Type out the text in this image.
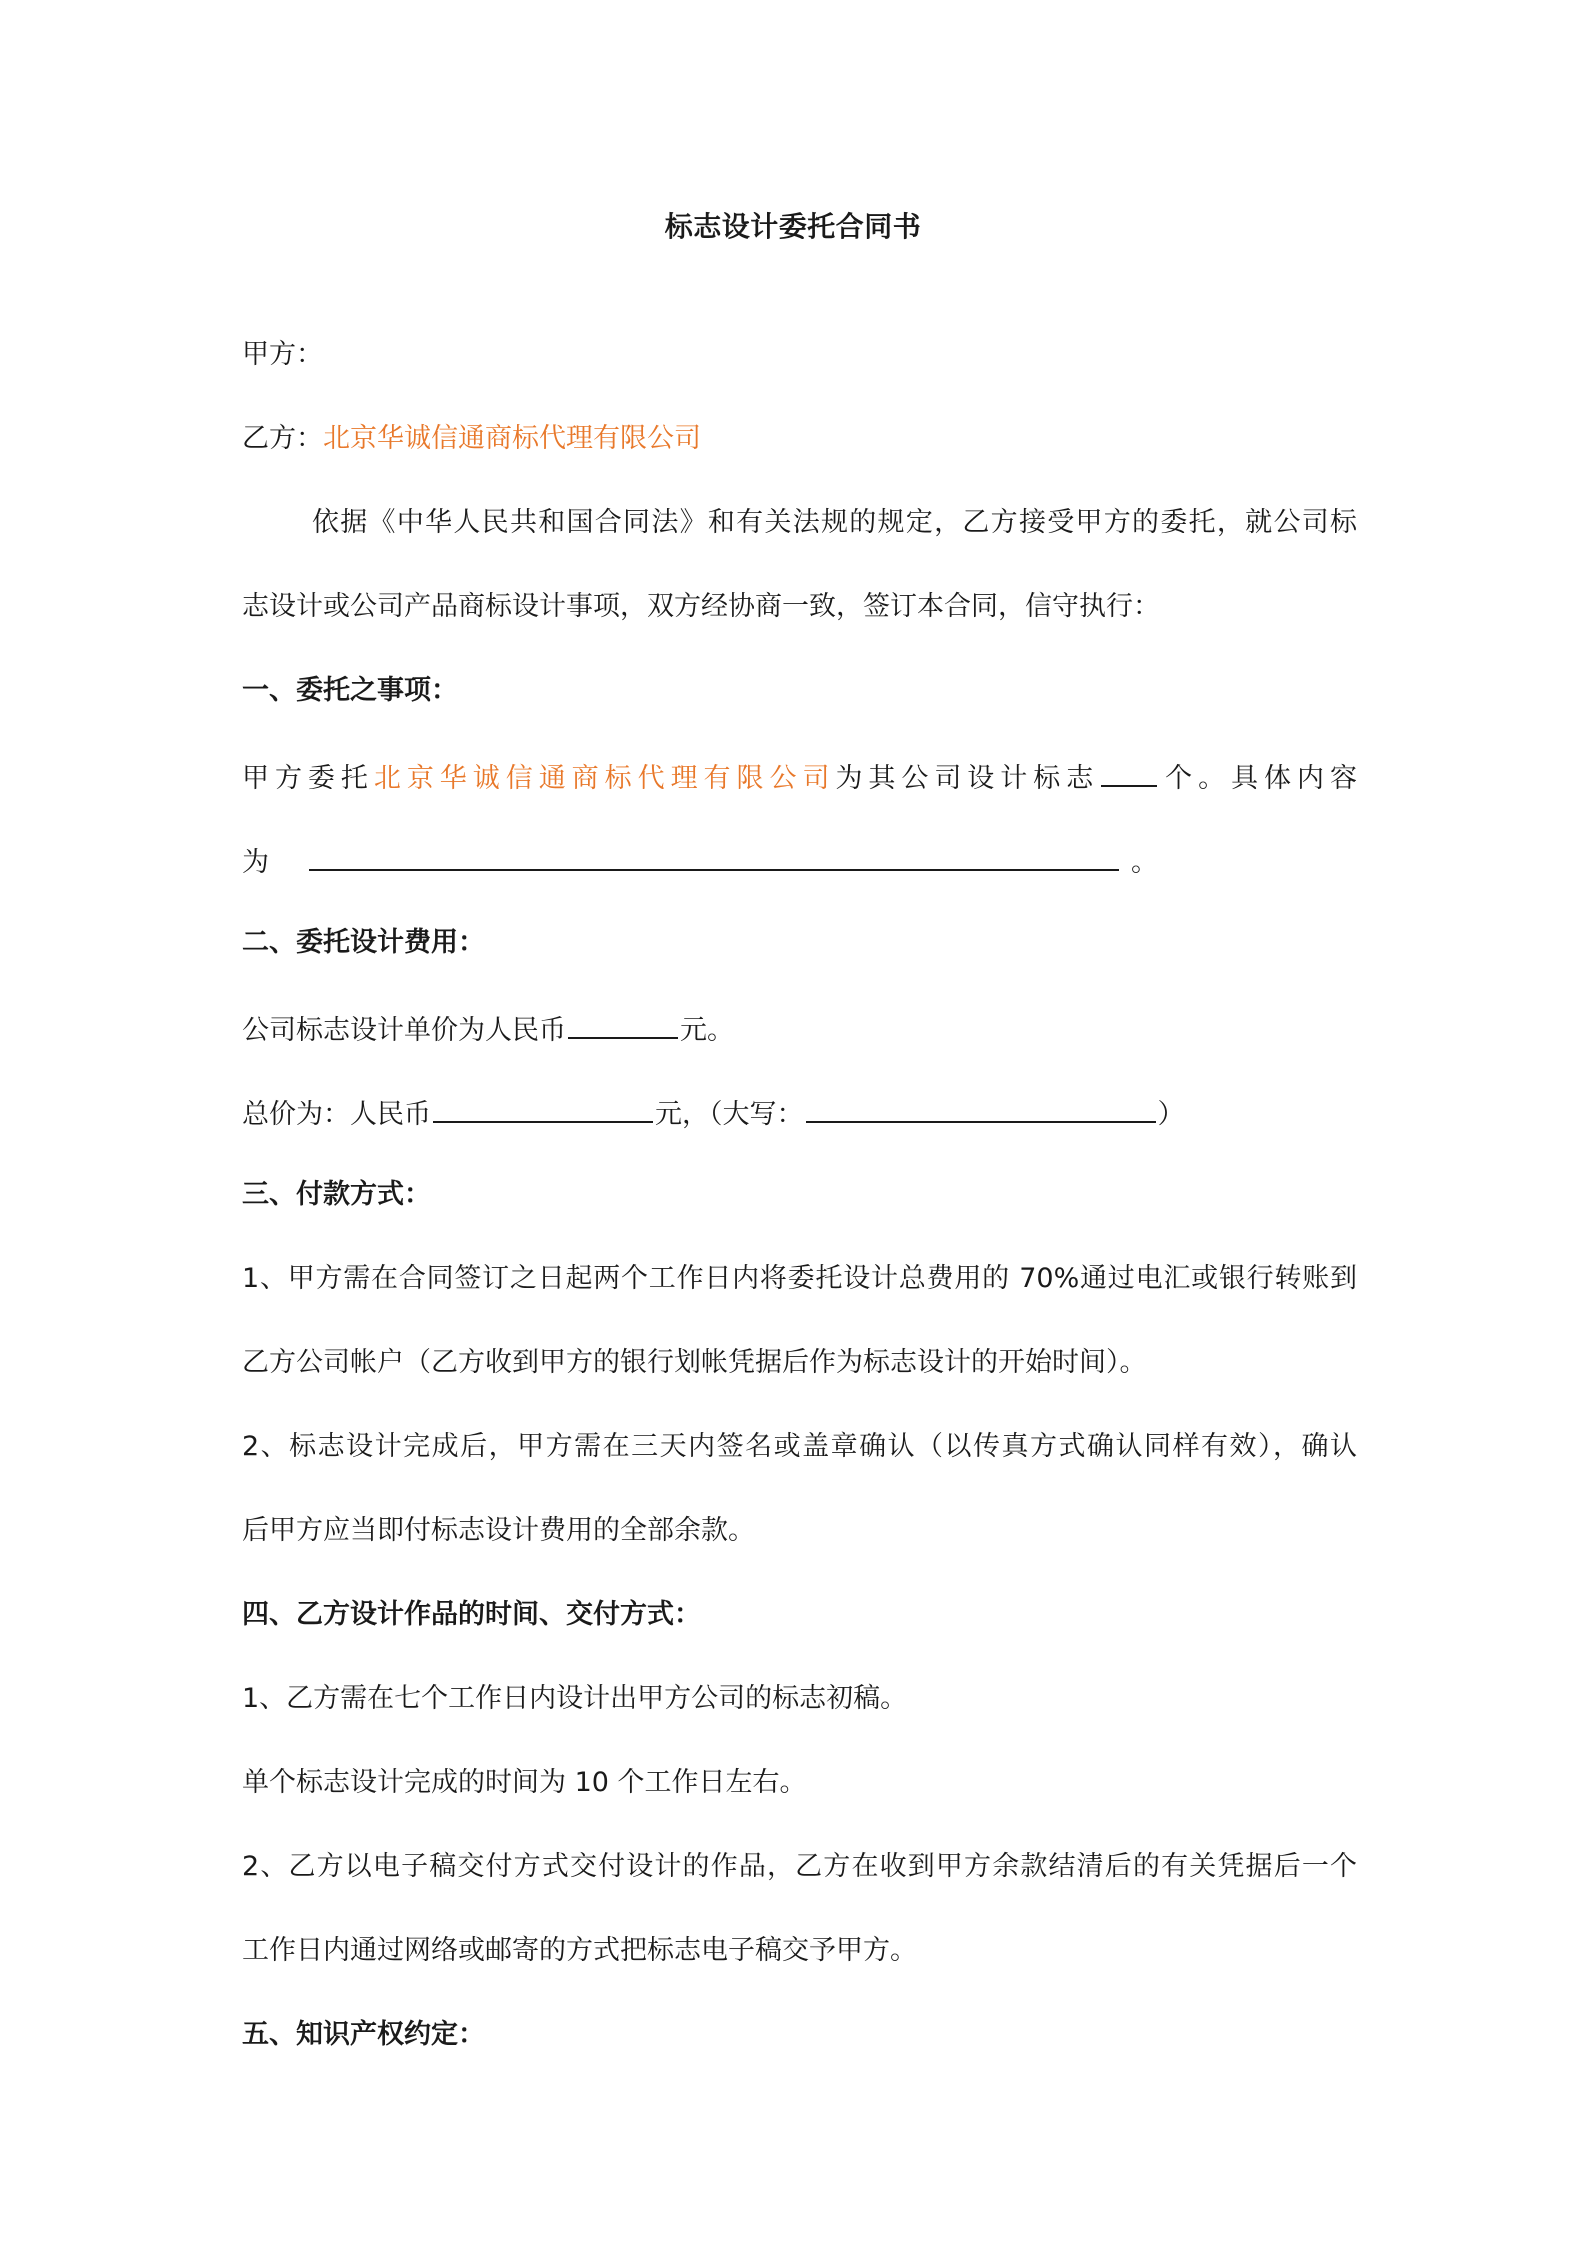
标志设计委托合同书
甲方：
乙方：北京华诚信通商标代理有限公司
依据《中华人民共和国合同法》和有关法规的规定，乙方接受甲方的委托，就公司标
志设计或公司产品商标设计事项，双方经协商一致，签订本合同，信守执行：
一、委托之事项：
甲方委托北京华诚信通商标代理有限公司为其公司设计标志 个。具体内容
为	。
二、委托设计费用：
公司标志设计单价为人民币	元。
总价为：人民币	元，（大写：	）
三、付款方式：
1、甲方需在合同签订之日起两个工作日内将委托设计总费用的 70%通过电汇或银行转账到
乙方公司帐户（乙方收到甲方的银行划帐凭据后作为标志设计的开始时间）。
2、标志设计完成后，甲方需在三天内签名或盖章确认（以传真方式确认同样有效），确认
后甲方应当即付标志设计费用的全部余款。
四、乙方设计作品的时间、交付方式：
1、乙方需在七个工作日内设计出甲方公司的标志初稿。
单个标志设计完成的时间为 10 个工作日左右。
2、乙方以电子稿交付方式交付设计的作品，乙方在收到甲方余款结清后的有关凭据后一个
工作日内通过网络或邮寄的方式把标志电子稿交予甲方。
五、知识产权约定：
